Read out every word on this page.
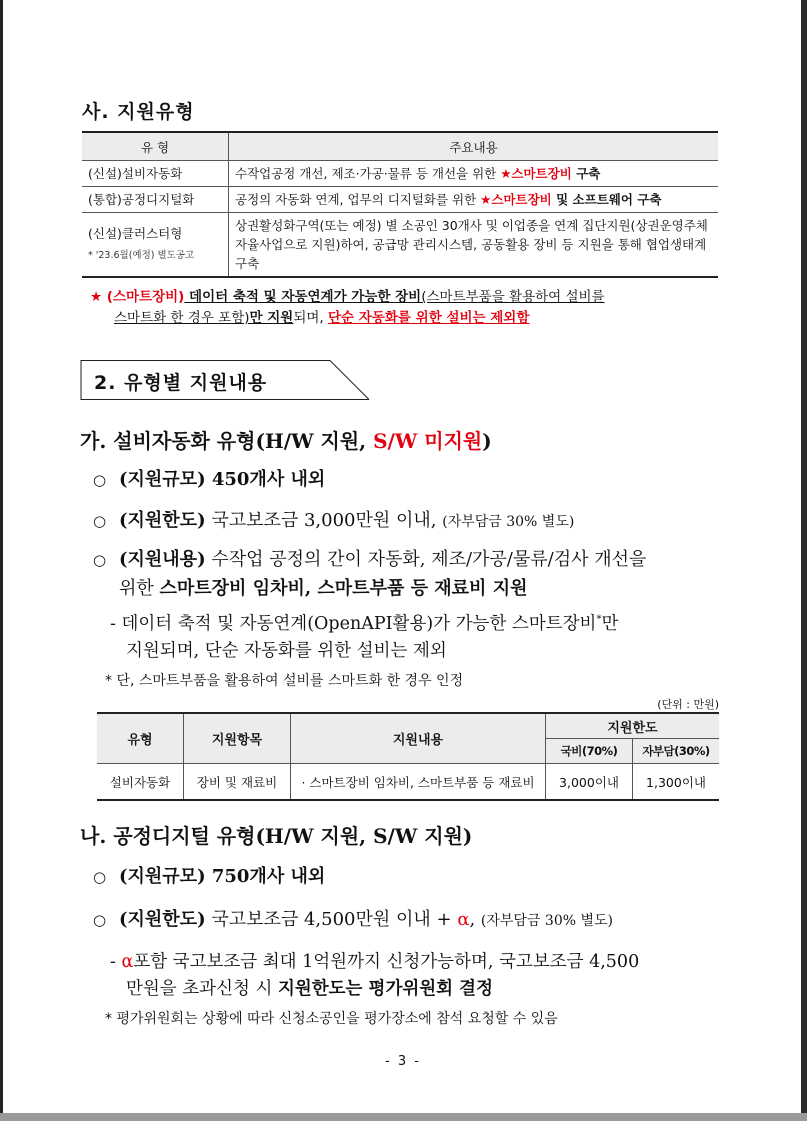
사. 지원유형
유 형	주요내용
(신설)설비자동화	수작업공정 개선, 제조·가공·물류 등 개선을 위한 ★스마트장비 구축
(통합)공정디지털화	공정의 자동화 연계, 업무의 디지털화를 위한 ★스마트장비 및 소프트웨어 구축
(신설)클러스터형
* '23.6월(예정) 별도공고	상권활성화구역(또는 예정) 별 소공인 30개사 및 이업종을 연계 집단지원(상권운영주체 자율사업으로 지원)하여, 공급망 관리시스템, 공동활용 장비 등 지원을 통해 협업생태계 구축
★ (스마트장비) 데이터 축적 및 자동연계가 가능한 장비(스마트부품을 활용하여 설비를
스마트화 한 경우 포함)만 지원되며, 단순 자동화를 위한 설비는 제외함
2. 유형별 지원내용
가. 설비자동화 유형(H/W 지원, S/W 미지원)
○ (지원규모) 450개사 내외
○ (지원한도) 국고보조금 3,000만원 이내, (자부담금 30% 별도)
○ (지원내용) 수작업 공정의 간이 자동화, 제조/가공/물류/검사 개선을
위한 스마트장비 임차비, 스마트부품 등 재료비 지원
- 데이터 축적 및 자동연계(OpenAPI활용)가 가능한 스마트장비*만
지원되며, 단순 자동화를 위한 설비는 제외
* 단, 스마트부품을 활용하여 설비를 스마트화 한 경우 인정
(단위 : 만원)
유형	지원항목	지원내용	지원한도	
			국비(70%)	자부담(30%)
설비자동화	장비 및 재료비	· 스마트장비 임차비, 스마트부품 등 재료비	3,000이내	1,300이내
나. 공정디지털 유형(H/W 지원, S/W 지원)
○ (지원규모) 750개사 내외
○ (지원한도) 국고보조금 4,500만원 이내 + α, (자부담금 30% 별도)
- α포함 국고보조금 최대 1억원까지 신청가능하며, 국고보조금 4,500
만원을 초과신청 시 지원한도는 평가위원회 결정
* 평가위원회는 상황에 따라 신청소공인을 평가장소에 참석 요청할 수 있음
- 3 -
